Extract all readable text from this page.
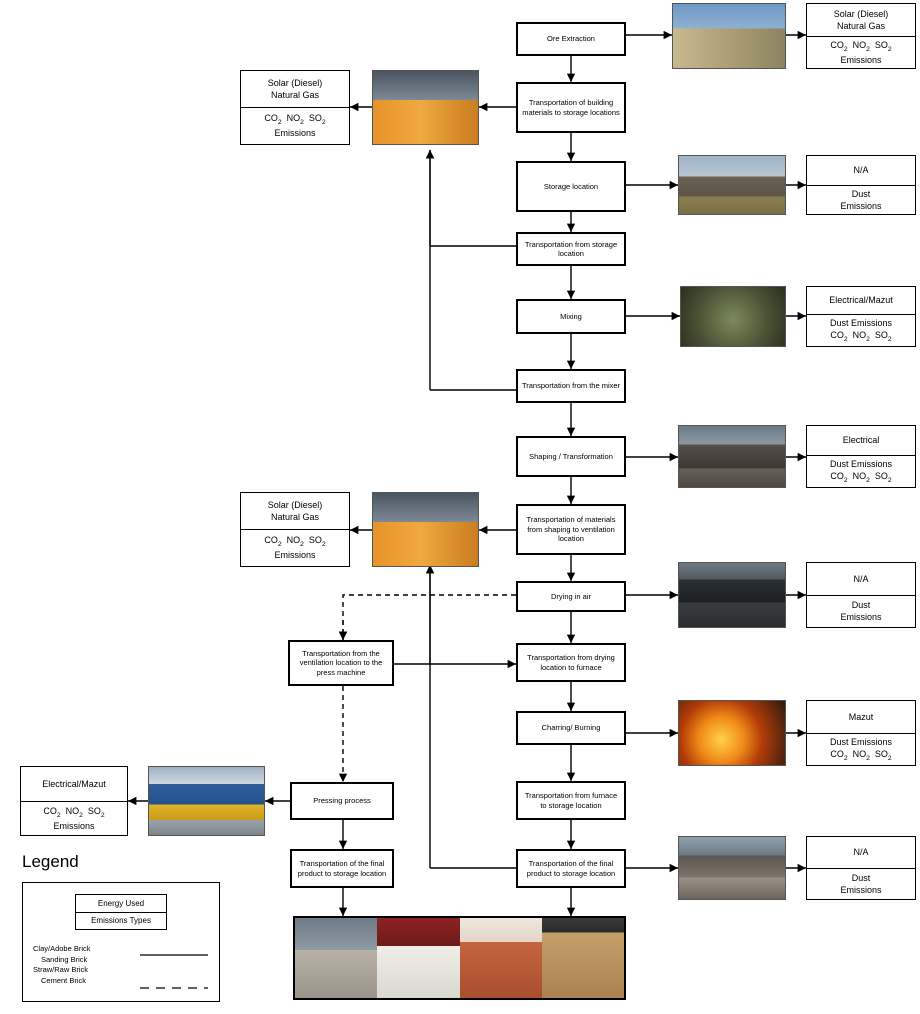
Ore Extraction
Transportation of building materials to storage locations
Storage location
Transportation from storage location
Mixing
Transportation from the mixer
Shaping / Transformation
Transportation of materials from shaping to ventilation location
Drying in air
Transportation from drying location to furnace
Charring/ Burning
Transportation from furnace to storage location
Transportation of the final product to storage location
Transportation from the ventilation location to the press machine
Pressing process
Transportation of the final product to storage location
Solar (Diesel)
Natural Gas
$CO_2$  $NO_2$  $SO_2$
Emissions
Solar (Diesel)
Natural Gas
$CO_2$  $NO_2$  $SO_2$
Emissions
N/A
Dust
Emissions
Electrical/Mazut
Dust Emissions
$CO_2$  $NO_2$  $SO_2$
Electrical
Dust Emissions
$CO_2$  $NO_2$  $SO_2$
Solar (Diesel)
Natural Gas
$CO_2$  $NO_2$  $SO_2$
Emissions
N/A
Dust
Emissions
Mazut
Dust Emissions
$CO_2$  $NO_2$  $SO_2$
N/A
Dust
Emissions
Electrical/Mazut
$CO_2$  $NO_2$  $SO_2$
Emissions
Legend
Energy Used
Emissions Types
Clay/Adobe Brick
Sanding Brick
Straw/Raw Brick
Cement Brick
